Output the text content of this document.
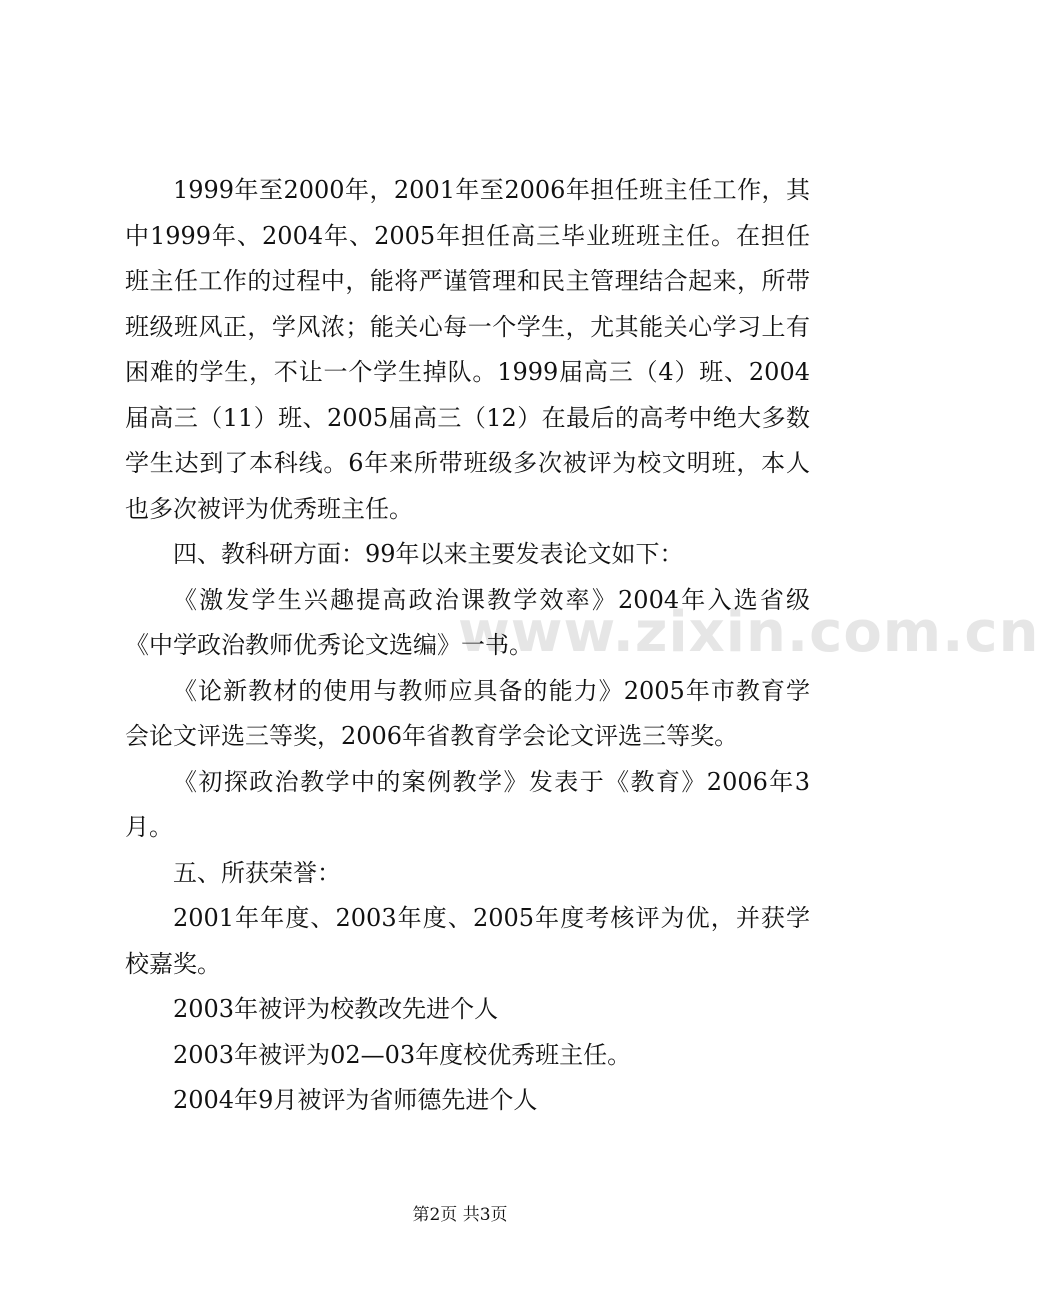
www.zixin.com.cn

1999年至2000年，2001年至2006年担任班主任工作，其中1999年、2004年、2005年担任高三毕业班班主任。在担任班主任工作的过程中，能将严谨管理和民主管理结合起来，所带班级班风正，学风浓；能关心每一个学生，尤其能关心学习上有困难的学生，不让一个学生掉队。1999届高三（4）班、2004届高三（11）班、2005届高三（12）在最后的高考中绝大多数学生达到了本科线。6年来所带班级多次被评为校文明班，本人也多次被评为优秀班主任。

四、教科研方面：99年以来主要发表论文如下：

《激发学生兴趣提高政治课教学效率》2004年入选省级《中学政治教师优秀论文选编》一书。

《论新教材的使用与教师应具备的能力》2005年市教育学会论文评选三等奖，2006年省教育学会论文评选三等奖。

《初探政治教学中的案例教学》发表于《教育》2006年3月。

五、所获荣誉：

2001年年度、2003年度、2005年度考核评为优，并获学校嘉奖。

2003年被评为校教改先进个人

2003年被评为02—03年度校优秀班主任。

2004年9月被评为省师德先进个人

第2页 共3页
